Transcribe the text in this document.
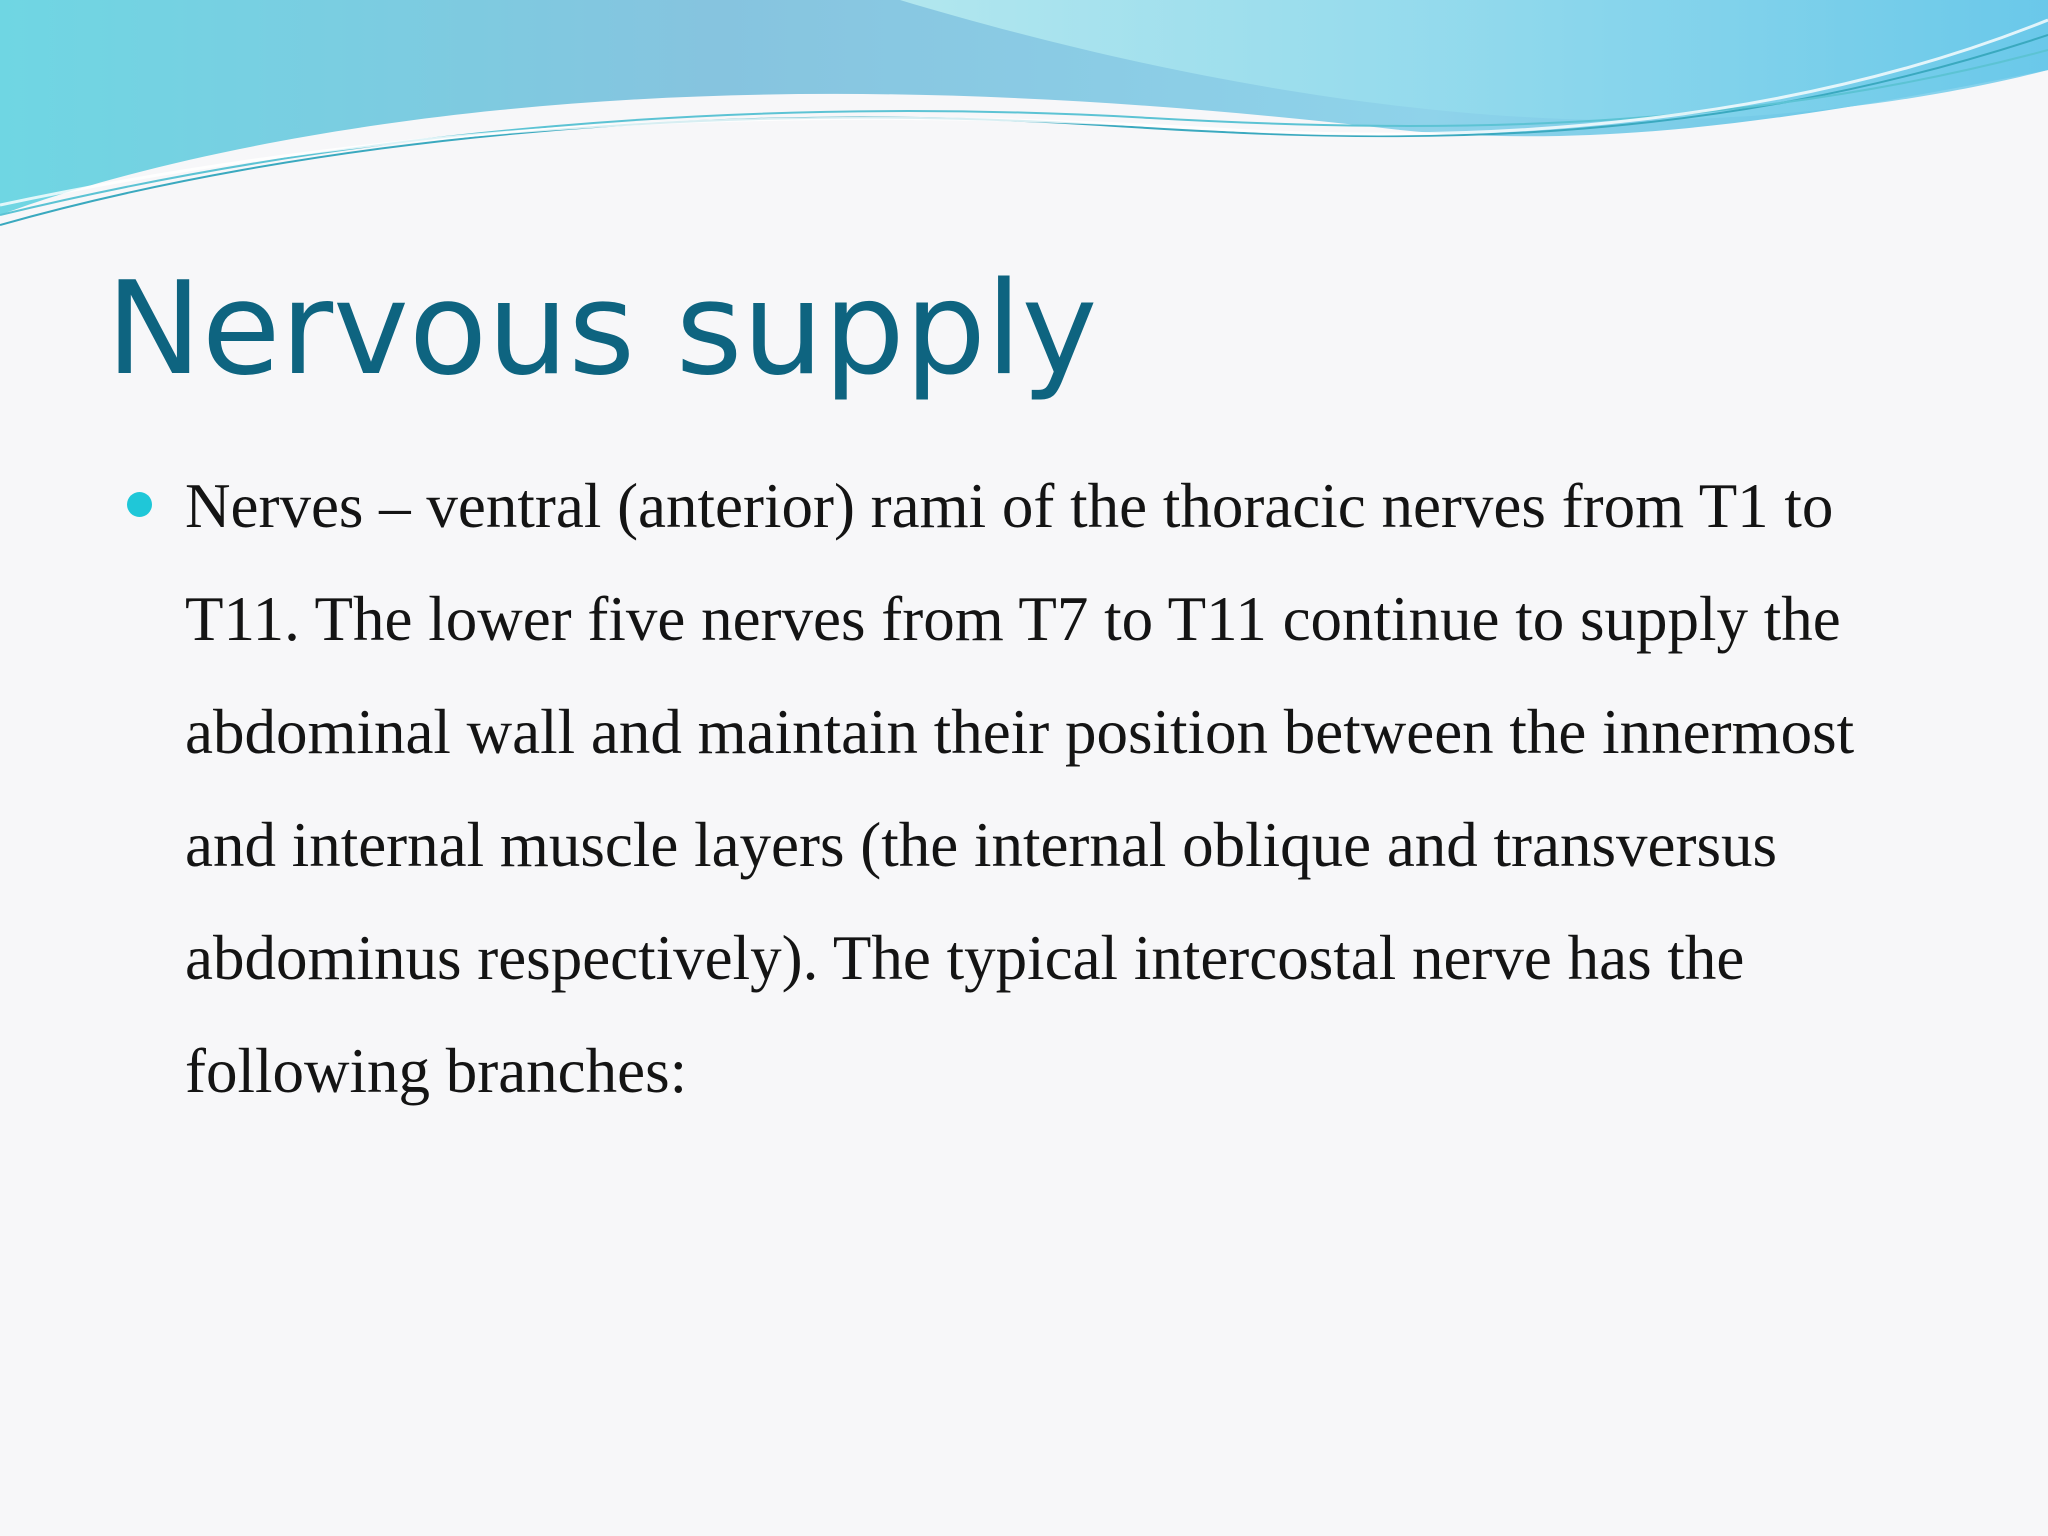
Nervous supply

Nerves – ventral (anterior) rami of the thoracic nerves from T1 to T11. The lower five nerves from T7 to T11 continue to supply the abdominal wall and maintain their position between the innermost and internal muscle layers (the internal oblique and transversus abdominus respectively). The typical intercostal nerve has the following branches:
